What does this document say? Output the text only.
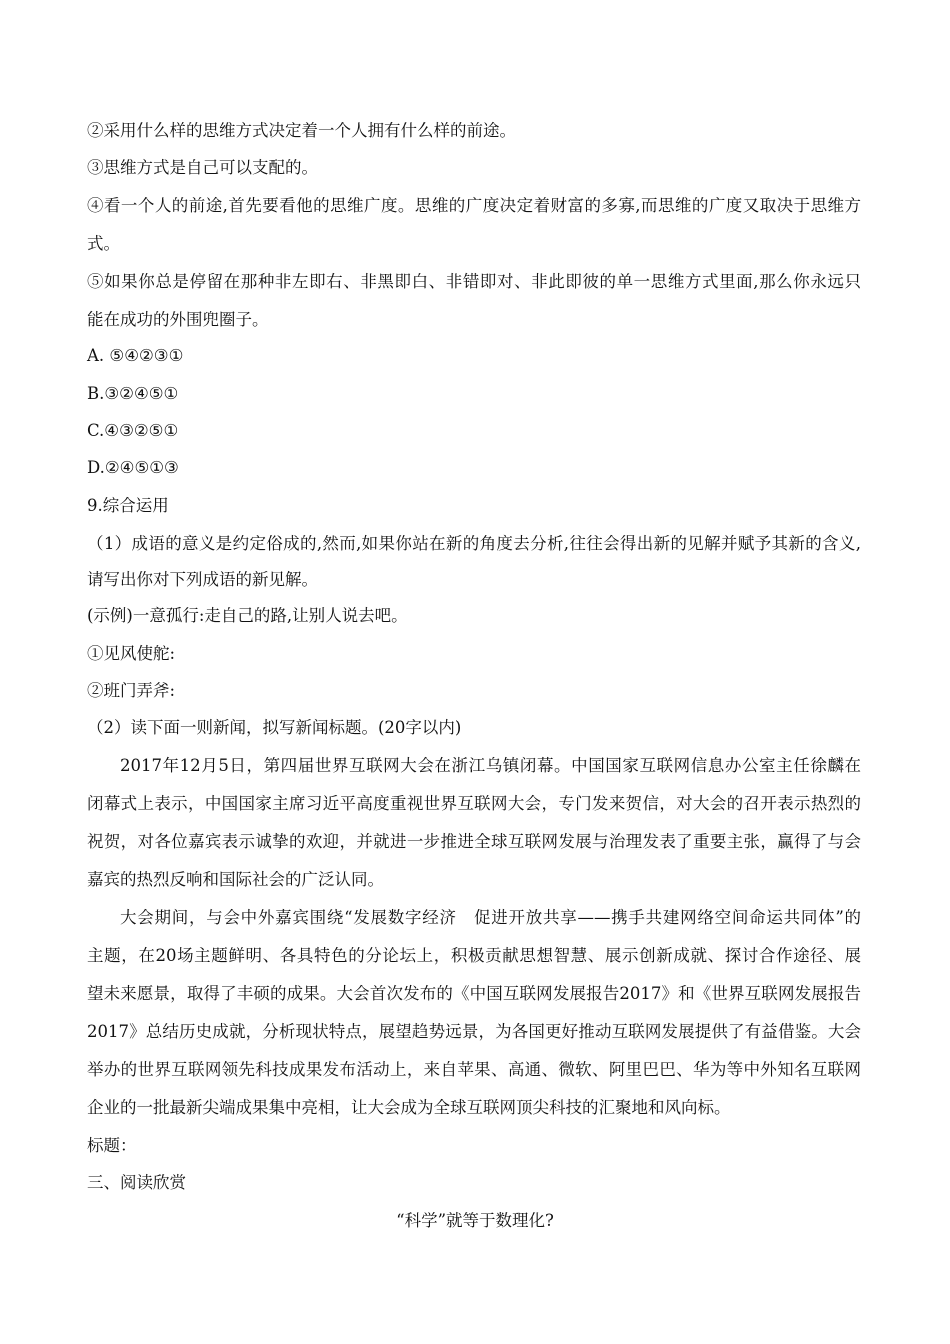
②采用什么样的思维方式决定着一个人拥有什么样的前途。
③思维方式是自己可以支配的。
④看一个人的前途,首先要看他的思维广度。思维的广度决定着财富的多寡,而思维的广度又取决于思维方
式。
⑤如果你总是停留在那种非左即右、非黑即白、非错即对、非此即彼的单一思维方式里面,那么你永远只
能在成功的外围兜圈子。
A. ⑤④②③①
B.③②④⑤①
C.④③②⑤①
D.②④⑤①③
9.综合运用
（1）成语的意义是约定俗成的,然而,如果你站在新的角度去分析,往往会得出新的见解并赋予其新的含义,
请写出你对下列成语的新见解。
(示例)一意孤行:走自己的路,让别人说去吧。
①见风使舵:
②班门弄斧:
（2）读下面一则新闻，拟写新闻标题。(20字以内)
2017年12月5日，第四届世界互联网大会在浙江乌镇闭幕。中国国家互联网信息办公室主任徐麟在
闭幕式上表示，中国国家主席习近平高度重视世界互联网大会，专门发来贺信，对大会的召开表示热烈的
祝贺，对各位嘉宾表示诚挚的欢迎，并就进一步推进全球互联网发展与治理发表了重要主张，赢得了与会
嘉宾的热烈反响和国际社会的广泛认同。
大会期间，与会中外嘉宾围绕“发展数字经济　促进开放共享——携手共建网络空间命运共同体”的
主题，在20场主题鲜明、各具特色的分论坛上，积极贡献思想智慧、展示创新成就、探讨合作途径、展
望未来愿景，取得了丰硕的成果。大会首次发布的《中国互联网发展报告2017》和《世界互联网发展报告
2017》总结历史成就，分析现状特点，展望趋势远景，为各国更好推动互联网发展提供了有益借鉴。大会
举办的世界互联网领先科技成果发布活动上，来自苹果、高通、微软、阿里巴巴、华为等中外知名互联网
企业的一批最新尖端成果集中亮相，让大会成为全球互联网顶尖科技的汇聚地和风向标。
标题：
三、阅读欣赏
“科学”就等于数理化?
